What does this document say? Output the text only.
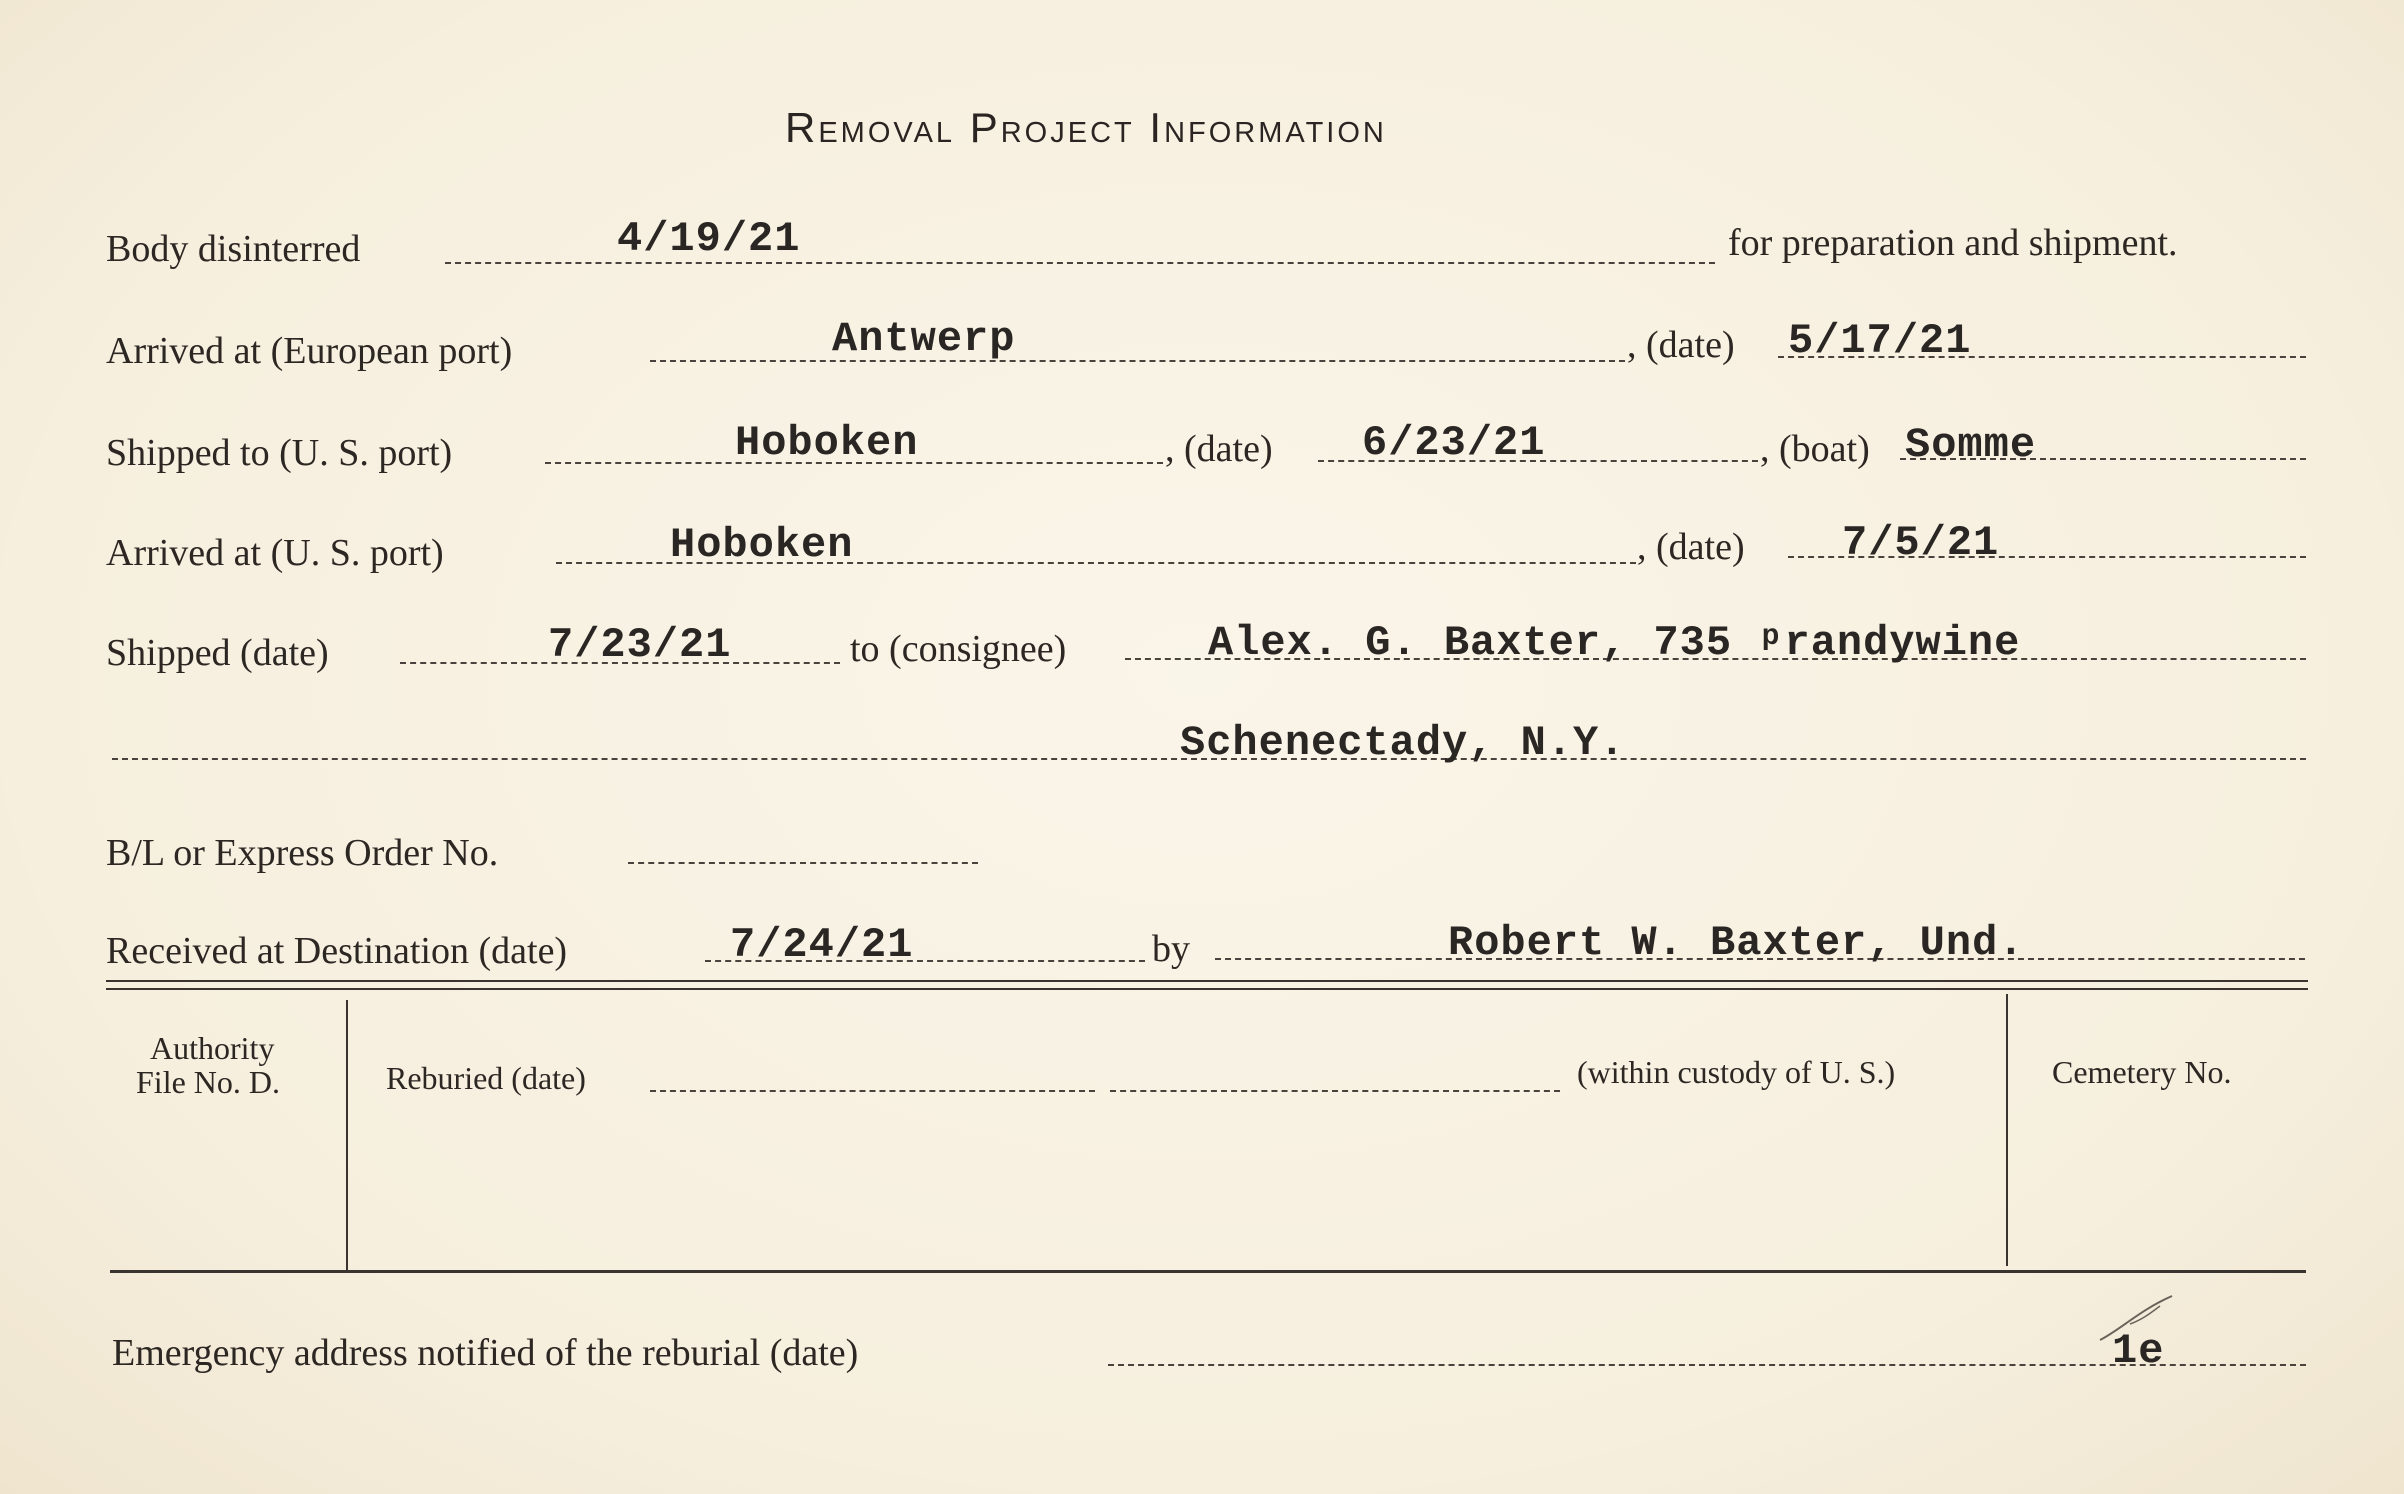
Removal Project Information
Body disinterred	4/19/21	for preparation and shipment.
Arrived at (European port)	Antwerp	, (date) 5/17/21
Shipped to (U. S. port)	Hoboken	, (date) 6/23/21	, (boat) Somme
Arrived at (U. S. port)	Hoboken	, (date) 7/5/21
Shipped (date)	7/23/21	to (consignee)	Alex. G. Baxter, 735 ᵖrandywine
Schenectady, N.Y.
B/L or Express Order No.
Received at Destination (date)	7/24/21	by	Robert W. Baxter, Und.
Authority
File No. D.	Reburied (date)	(within custody of U. S.)	Cemetery No.
Emergency address notified of the reburial (date)	1e
